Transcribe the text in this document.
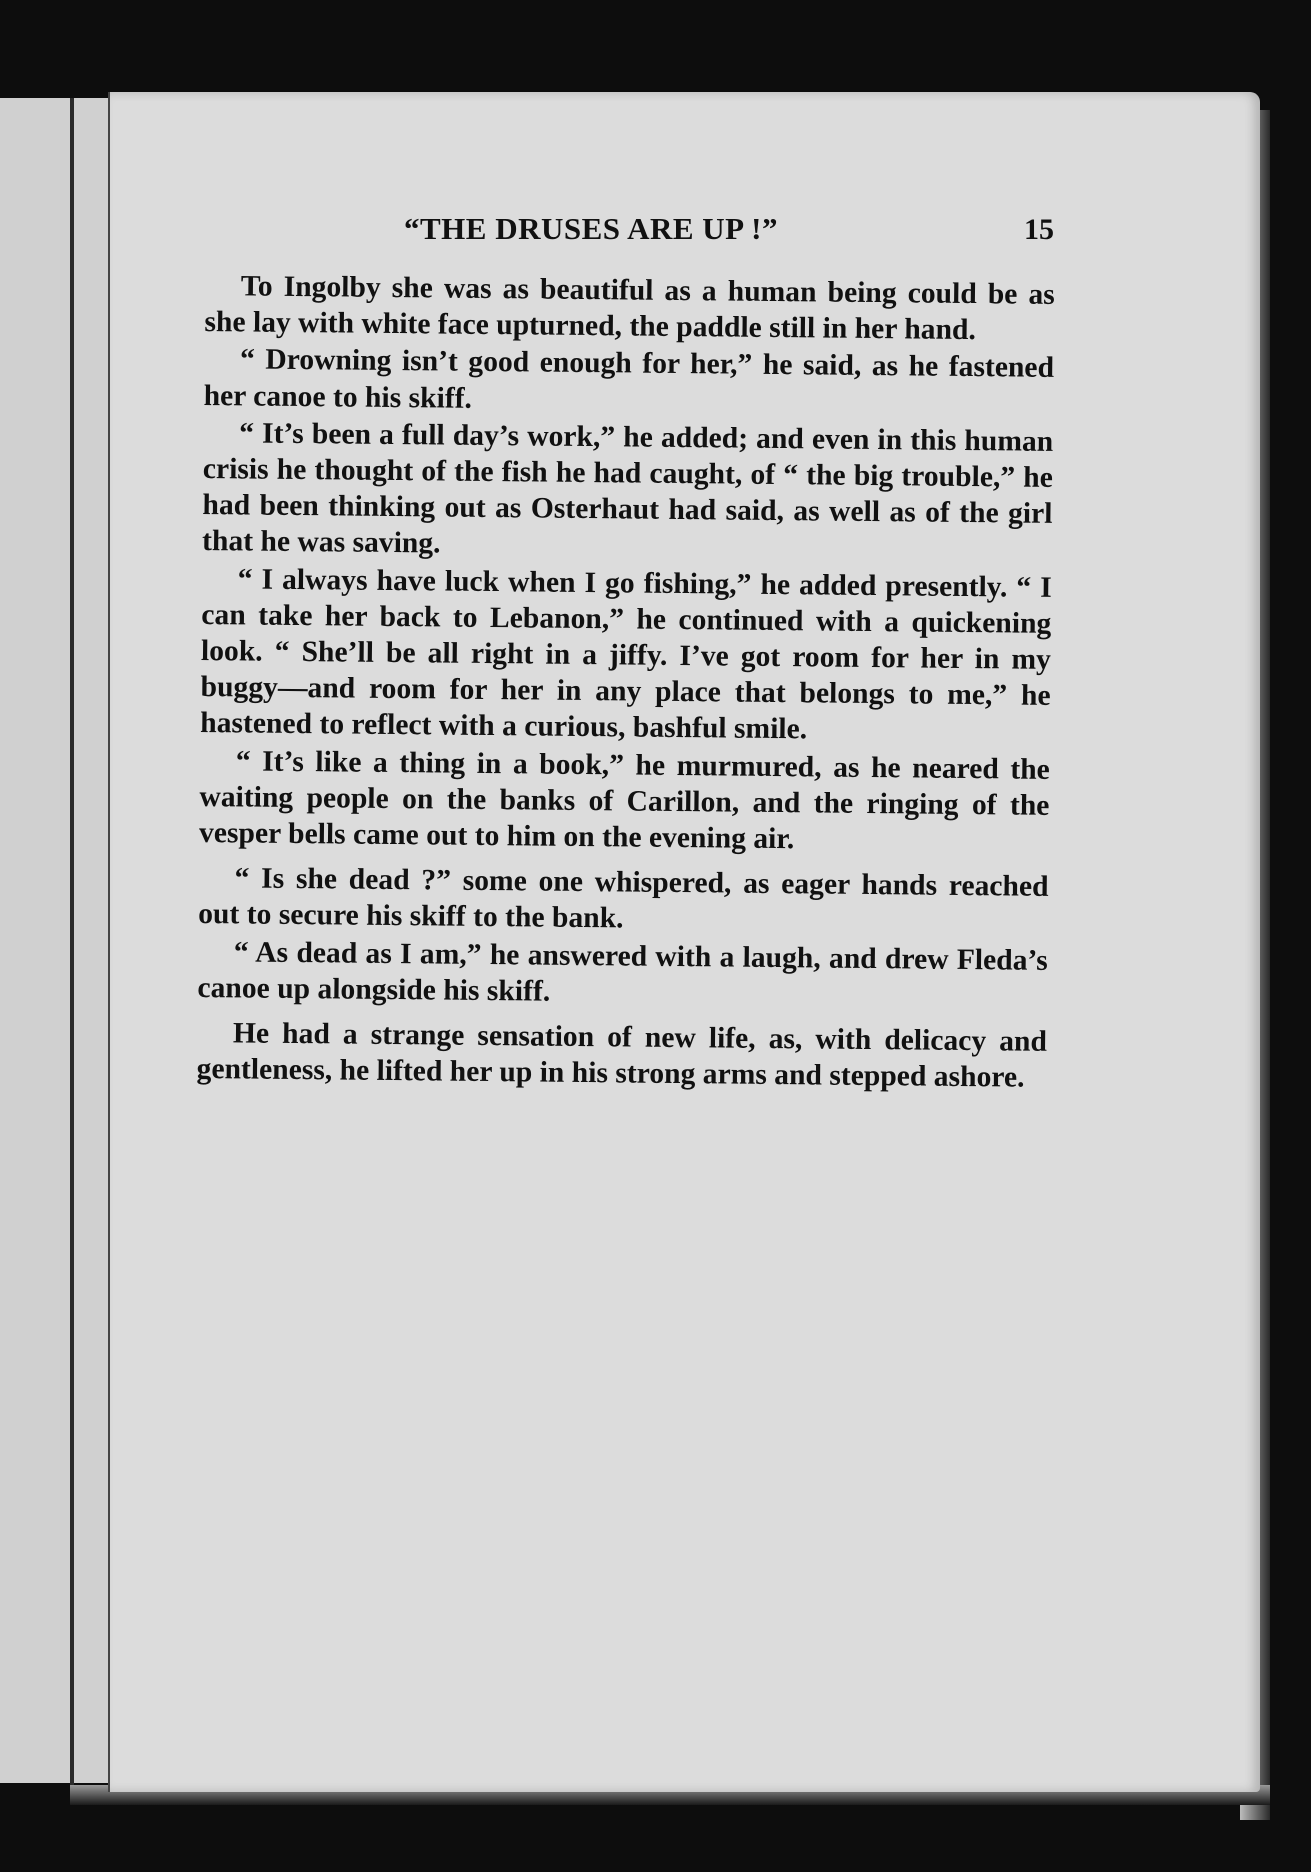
“THE DRUSES ARE UP !”	15

To Ingolby she was as beautiful as a human being could be as she lay with white face upturned, the paddle still in her hand.

“ Drowning isn’t good enough for her,” he said, as he fastened her canoe to his skiff.

“ It’s been a full day’s work,” he added; and even in this human crisis he thought of the fish he had caught, of “ the big trouble,” he had been thinking out as Osterhaut had said, as well as of the girl that he was saving.

“ I always have luck when I go fishing,” he added presently. “ I can take her back to Lebanon,” he continued with a quickening look. “ She’ll be all right in a jiffy. I’ve got room for her in my buggy—and room for her in any place that belongs to me,” he hastened to reflect with a curious, bashful smile.

“ It’s like a thing in a book,” he murmured, as he neared the waiting people on the banks of Carillon, and the ringing of the vesper bells came out to him on the evening air.

“ Is she dead ?” some one whispered, as eager hands reached out to secure his skiff to the bank.

“ As dead as I am,” he answered with a laugh, and drew Fleda’s canoe up alongside his skiff.

He had a strange sensation of new life, as, with delicacy and gentleness, he lifted her up in his strong arms and stepped ashore.
